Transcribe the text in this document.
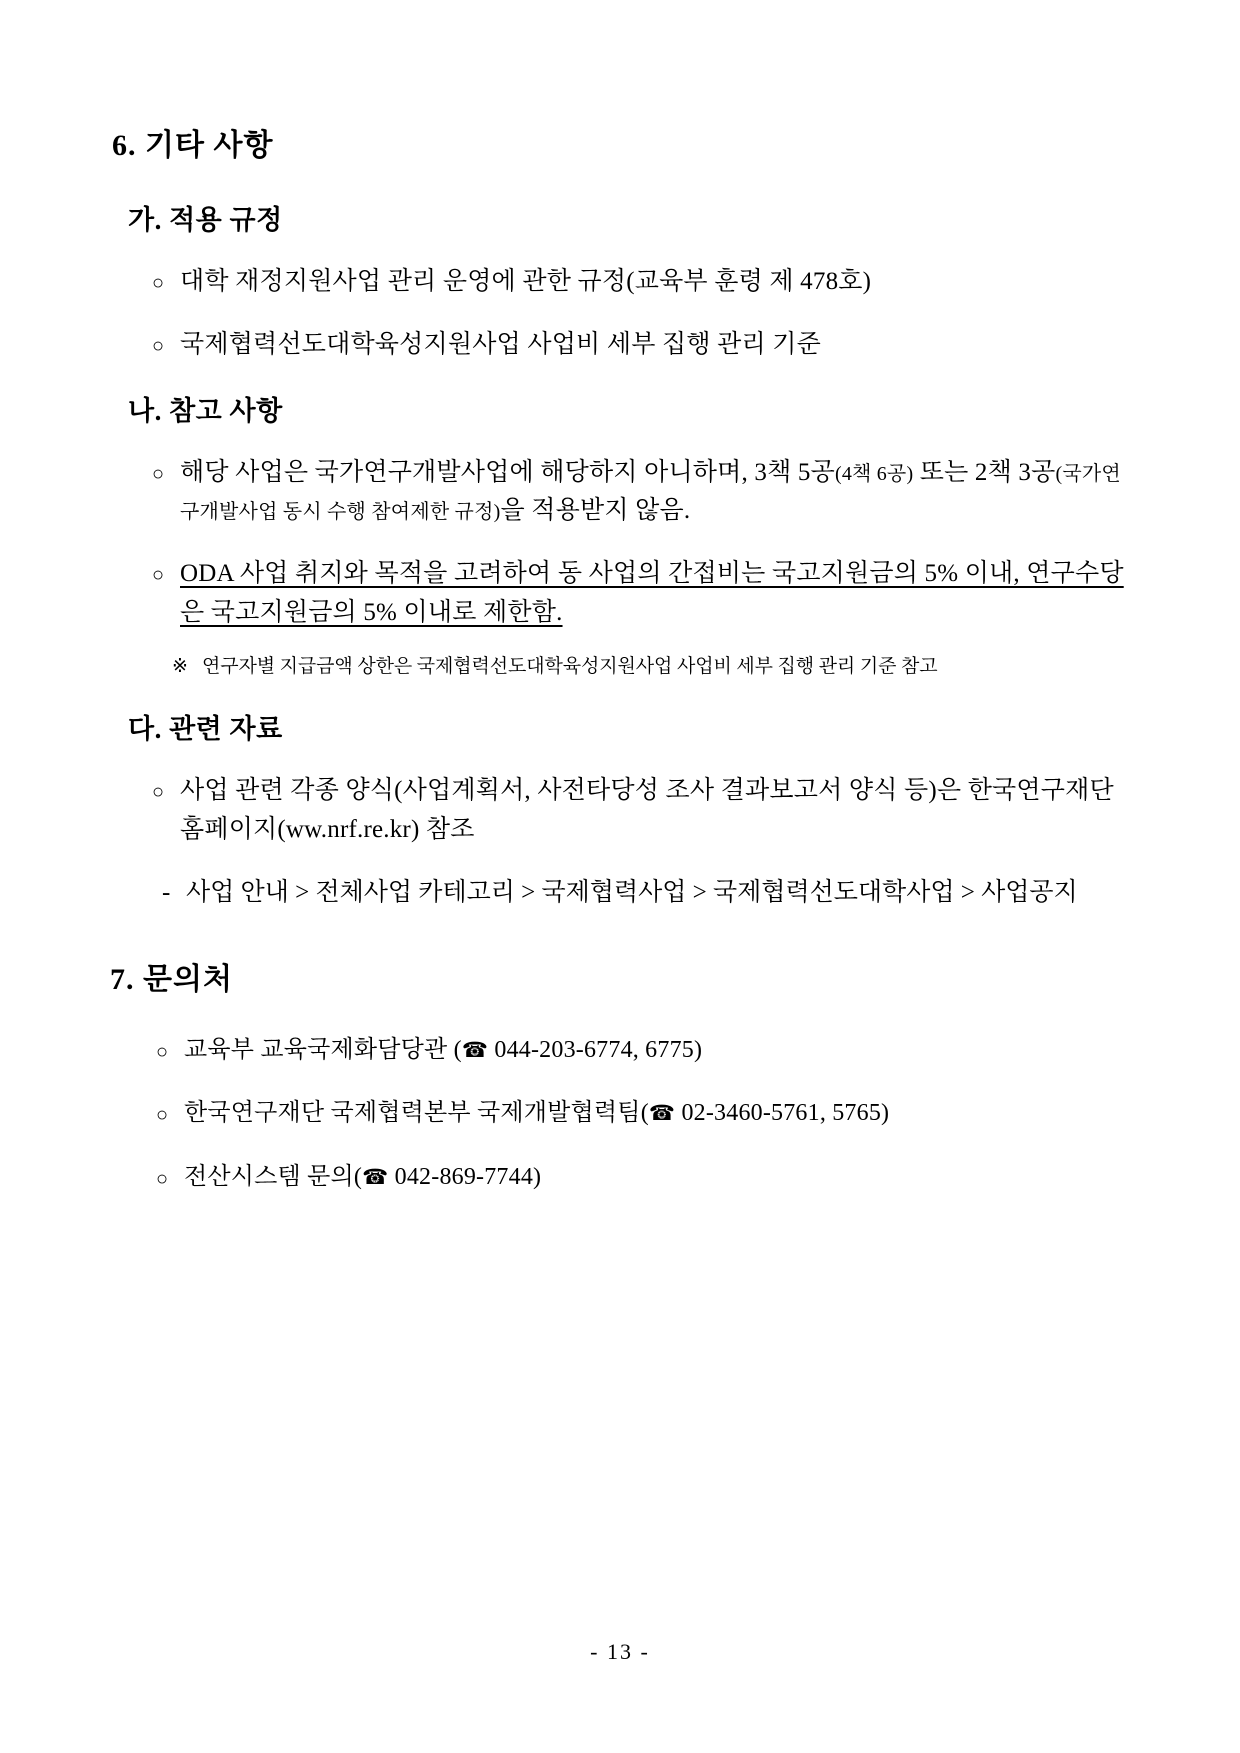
6. 기타 사항
가. 적용 규정
○ 대학 재정지원사업 관리 운영에 관한 규정(교육부 훈령 제 478호)
○ 국제협력선도대학육성지원사업 사업비 세부 집행 관리 기준
나. 참고 사항
○ 해당 사업은 국가연구개발사업에 해당하지 아니하며, 3책 5공(4책 6공) 또는 2책 3공(국가연구개발사업 동시 수행 참여제한 규정)을 적용받지 않음.
○ ODA 사업 취지와 목적을 고려하여 동 사업의 간접비는 국고지원금의 5% 이내, 연구수당은 국고지원금의 5% 이내로 제한함.
※ 연구자별 지급금액 상한은 국제협력선도대학육성지원사업 사업비 세부 집행 관리 기준 참고
다. 관련 자료
○ 사업 관련 각종 양식(사업계획서, 사전타당성 조사 결과보고서 양식 등)은 한국연구재단 홈페이지(ww.nrf.re.kr) 참조
- 사업 안내 > 전체사업 카테고리 > 국제협력사업 > 국제협력선도대학사업 > 사업공지
7. 문의처
○ 교육부 교육국제화담당관 (☎ 044-203-6774, 6775)
○ 한국연구재단 국제협력본부 국제개발협력팀(☎ 02-3460-5761, 5765)
○ 전산시스템 문의(☎ 042-869-7744)
- 13 -
